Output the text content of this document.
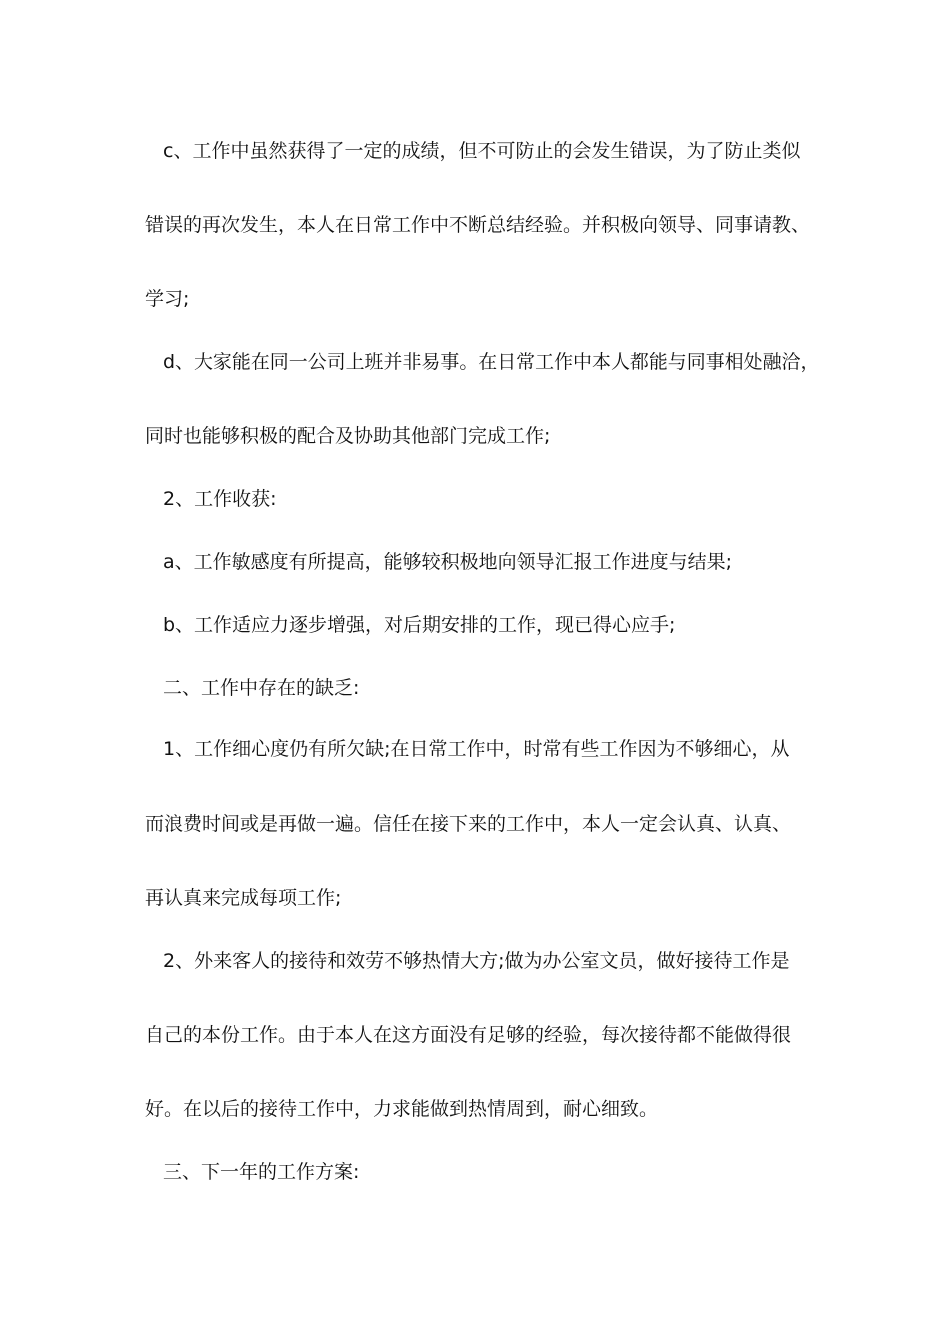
c、工作中虽然获得了一定的成绩，但不可防止的会发生错误，为了防止类似

错误的再次发生，本人在日常工作中不断总结经验。并积极向领导、同事请教、

学习;

d、大家能在同一公司上班并非易事。在日常工作中本人都能与同事相处融洽，

同时也能够积极的配合及协助其他部门完成工作;

2、工作收获:

a、工作敏感度有所提高，能够较积极地向领导汇报工作进度与结果;

b、工作适应力逐步增强，对后期安排的工作，现已得心应手;

二、工作中存在的缺乏:

1、工作细心度仍有所欠缺;在日常工作中，时常有些工作因为不够细心，从

而浪费时间或是再做一遍。信任在接下来的工作中，本人一定会认真、认真、

再认真来完成每项工作;

2、外来客人的接待和效劳不够热情大方;做为办公室文员，做好接待工作是

自己的本份工作。由于本人在这方面没有足够的经验，每次接待都不能做得很

好。在以后的接待工作中，力求能做到热情周到，耐心细致。

三、下一年的工作方案:
